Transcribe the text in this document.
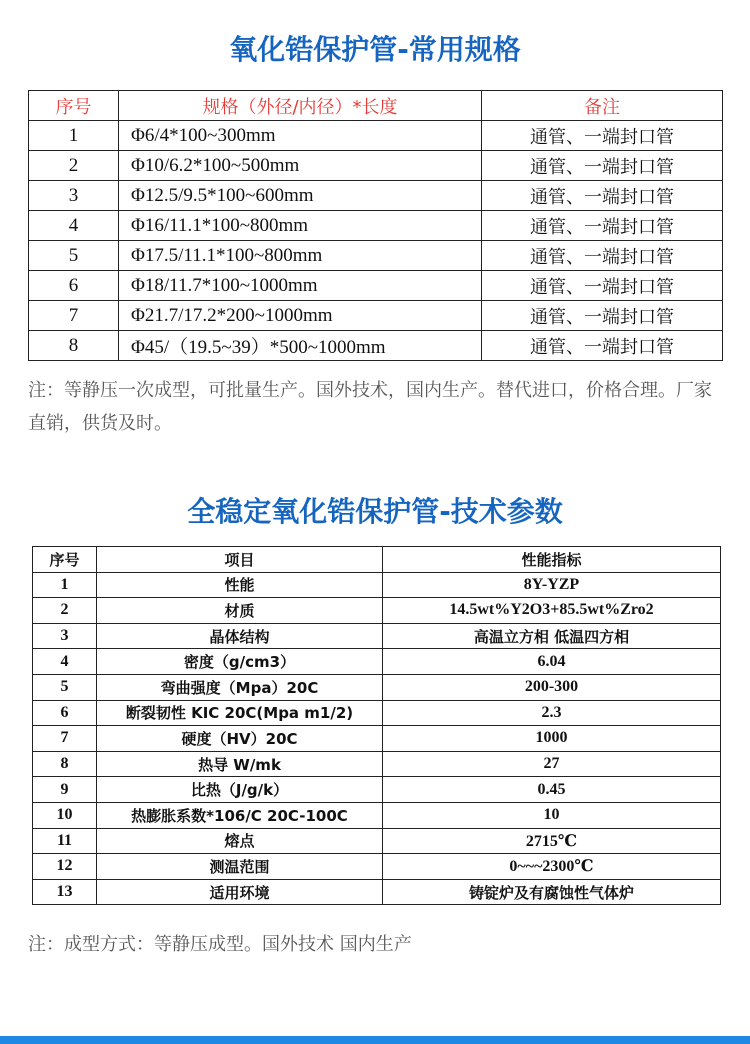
氧化锆保护管-常用规格
序号	规格（外径/内径）*长度	备注
1	Φ6/4*100~300mm	通管、一端封口管
2	Φ10/6.2*100~500mm	通管、一端封口管
3	Φ12.5/9.5*100~600mm	通管、一端封口管
4	Φ16/11.1*100~800mm	通管、一端封口管
5	Φ17.5/11.1*100~800mm	通管、一端封口管
6	Φ18/11.7*100~1000mm	通管、一端封口管
7	Φ21.7/17.2*200~1000mm	通管、一端封口管
8	Φ45/（19.5~39）*500~1000mm	通管、一端封口管
注：等静压一次成型，可批量生产。国外技术，国内生产。替代进口，价格合理。厂家直销，供货及时。
全稳定氧化锆保护管-技术参数
序号	项目	性能指标
1	性能	8Y-YZP
2	材质	14.5wt%Y2O3+85.5wt%Zro2
3	晶体结构	高温立方相 低温四方相
4	密度（g/cm3）	6.04
5	弯曲强度（Mpa）20C	200-300
6	断裂韧性 KIC 20C(Mpa m1/2)	2.3
7	硬度（HV）20C	1000
8	热导 W/mk	27
9	比热（J/g/k）	0.45
10	热膨胀系数*106/C 20C-100C	10
11	熔点	2715℃
12	测温范围	0~~~2300℃
13	适用环境	铸锭炉及有腐蚀性气体炉
注：成型方式：等静压成型。国外技术 国内生产
